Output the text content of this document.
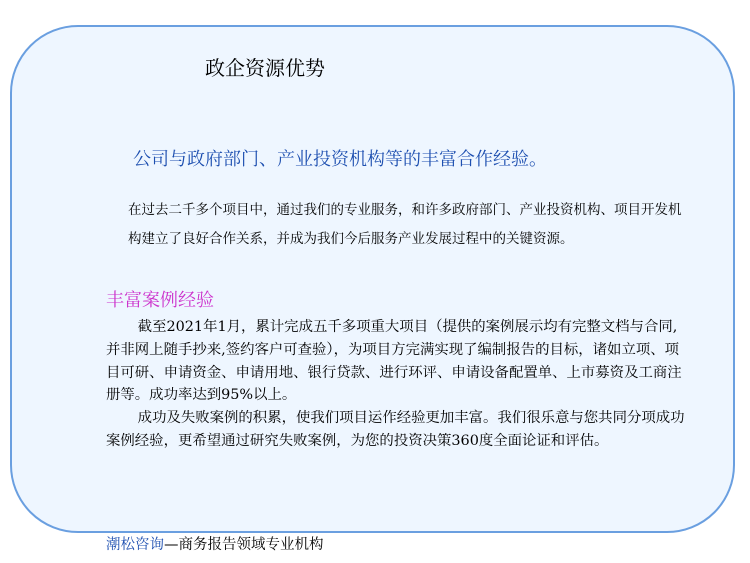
政企资源优势
公司与政府部门、产业投资机构等的丰富合作经验。

在过去二千多个项目中，通过我们的专业服务，和许多政府部门、产业投资机构、项目开发机构建立了良好合作关系，并成为我们今后服务产业发展过程中的关键资源。

丰富案例经验

截至2021年1月，累计完成五千多项重大项目（提供的案例展示均有完整文档与合同,并非网上随手抄来,签约客户可查验），为项目方完满实现了编制报告的目标，诸如立项、项目可研、申请资金、申请用地、银行贷款、进行环评、申请设备配置单、上市募资及工商注册等。成功率达到95%以上。

成功及失败案例的积累，使我们项目运作经验更加丰富。我们很乐意与您共同分项成功案例经验，更希望通过研究失败案例，为您的投资决策360度全面论证和评估。

潮松咨询—商务报告领域专业机构
